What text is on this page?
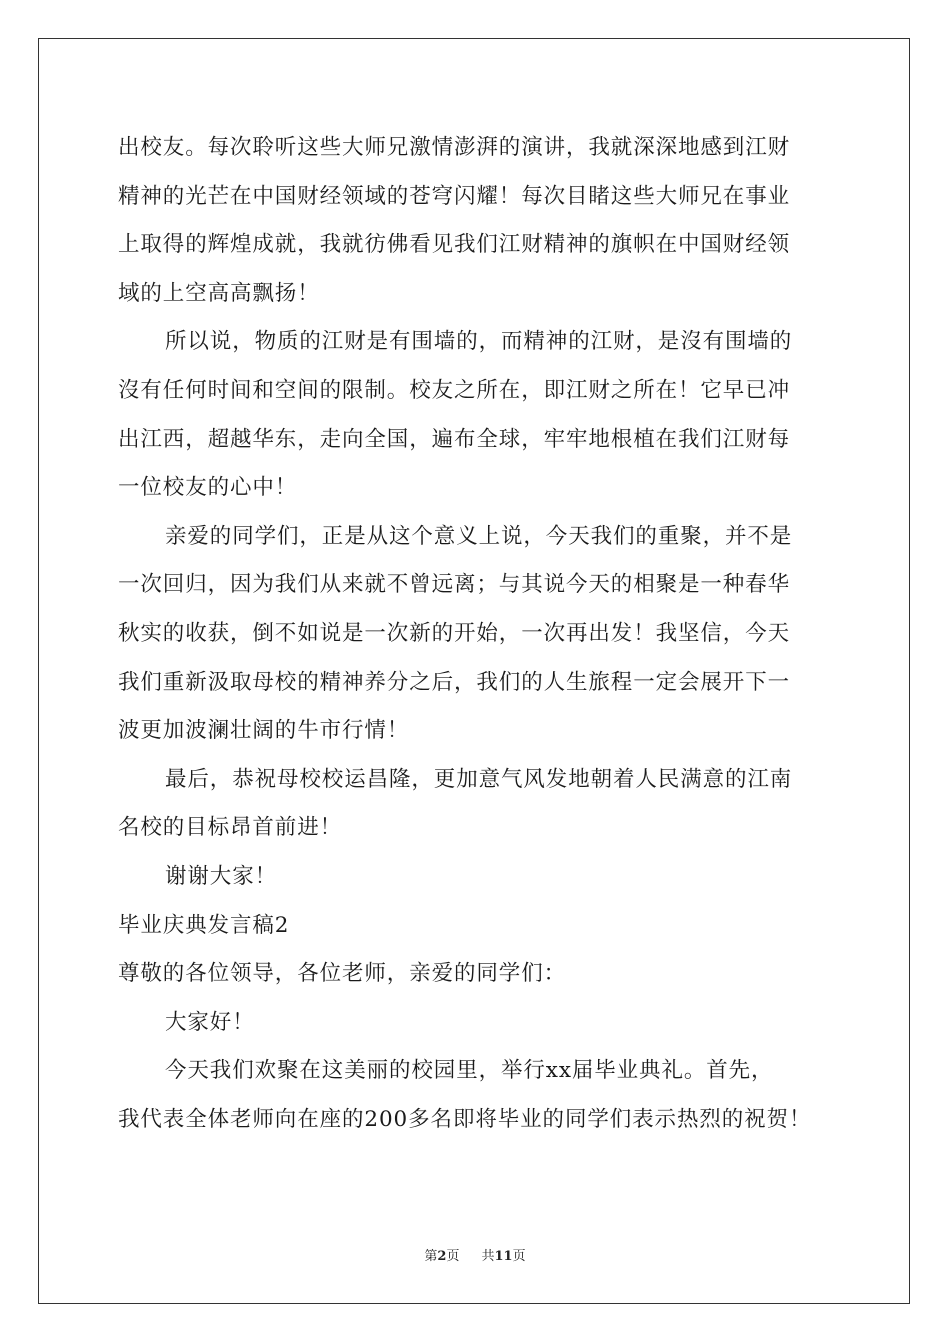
出校友。每次聆听这些大师兄激情澎湃的演讲，我就深深地感到江财
精神的光芒在中国财经领域的苍穹闪耀！每次目睹这些大师兄在事业
上取得的辉煌成就，我就彷佛看见我们江财精神的旗帜在中国财经领
域的上空高高飘扬！
所以说，物质的江财是有围墙的，而精神的江财，是沒有围墙的
沒有任何时间和空间的限制。校友之所在，即江财之所在！它早已冲
出江西，超越华东，走向全国，遍布全球，牢牢地根植在我们江财每
一位校友的心中！
亲爱的同学们，正是从这个意义上说，今天我们的重聚，并不是
一次回归，因为我们从来就不曾远离；与其说今天的相聚是一种春华
秋实的收获，倒不如说是一次新的开始，一次再出发！我坚信，今天
我们重新汲取母校的精神养分之后，我们的人生旅程一定会展开下一
波更加波澜壮阔的牛市行情！
最后，恭祝母校校运昌隆，更加意气风发地朝着人民满意的江南
名校的目标昂首前进！
谢谢大家！
毕业庆典发言稿2
尊敬的各位领导，各位老师，亲爱的同学们：
大家好！
今天我们欢聚在这美丽的校园里，举行xx届毕业典礼。首先，
我代表全体老师向在座的200多名即将毕业的同学们表示热烈的祝贺！
第2页 共11页
